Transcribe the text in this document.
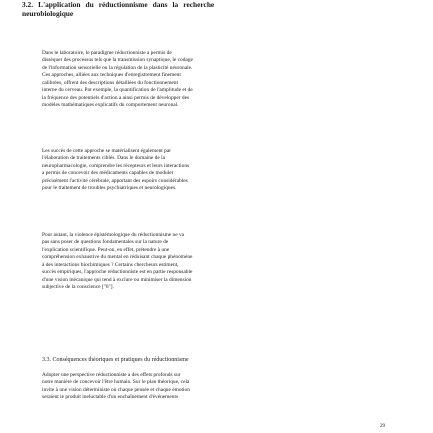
3.2. L'application du réductionnisme dans la recherche
neurobiologique
Dans le laboratoire, le paradigme réductionniste a permis de
disséquer des processus tels que la transmission synaptique, le codage
de l'information sensorielle ou la régulation de la plasticité neuronale.
Ces approches, alliées aux techniques d'enregistrement finement
calibrées, offrent des descriptions détaillées du fonctionnement
interne du cerveau. Par exemple, la quantification de l'amplitude et de
la fréquence des potentiels d'action a ainsi permis de développer des
modèles mathématiques explicatifs du comportement neuronal.
Les succès de cette approche se matérialisent également par
l'élaboration de traitements ciblés. Dans le domaine de la
neuropharmacologie, comprendre les récepteurs et leurs interactions
a permis de concevoir des médicaments capables de moduler
précisément l'activité cérébrale, apportant des espoirs considérables
pour le traitement de troubles psychiatriques et neurologiques.
Pour autant, la violence épistémologique du réductionnisme ne va
pas sans poser de questions fondamentales sur la nature de
l'explication scientifique. Peut-on, en effet, prétendre à une
compréhension exhaustive du mental en réduisant chaque phénomène
à des interactions biochimiques ? Certains chercheurs estiment,
succès empiriques, l'approche réductionniste est en partie responsable
d'une vision mécanique qui tend à exclure ou minimiser la dimension
subjective de la conscience ["6"].
3.3. Conséquences théoriques et pratiques du réductionnisme
Adopter une perspective réductionniste a des effets profonds sur
notre manière de concevoir l'être humain. Sur le plan théorique, cela
invite à une vision déterministe où chaque pensée et chaque émotion
seraient le produit ineluctable d'un enchaînement d'événements
29
